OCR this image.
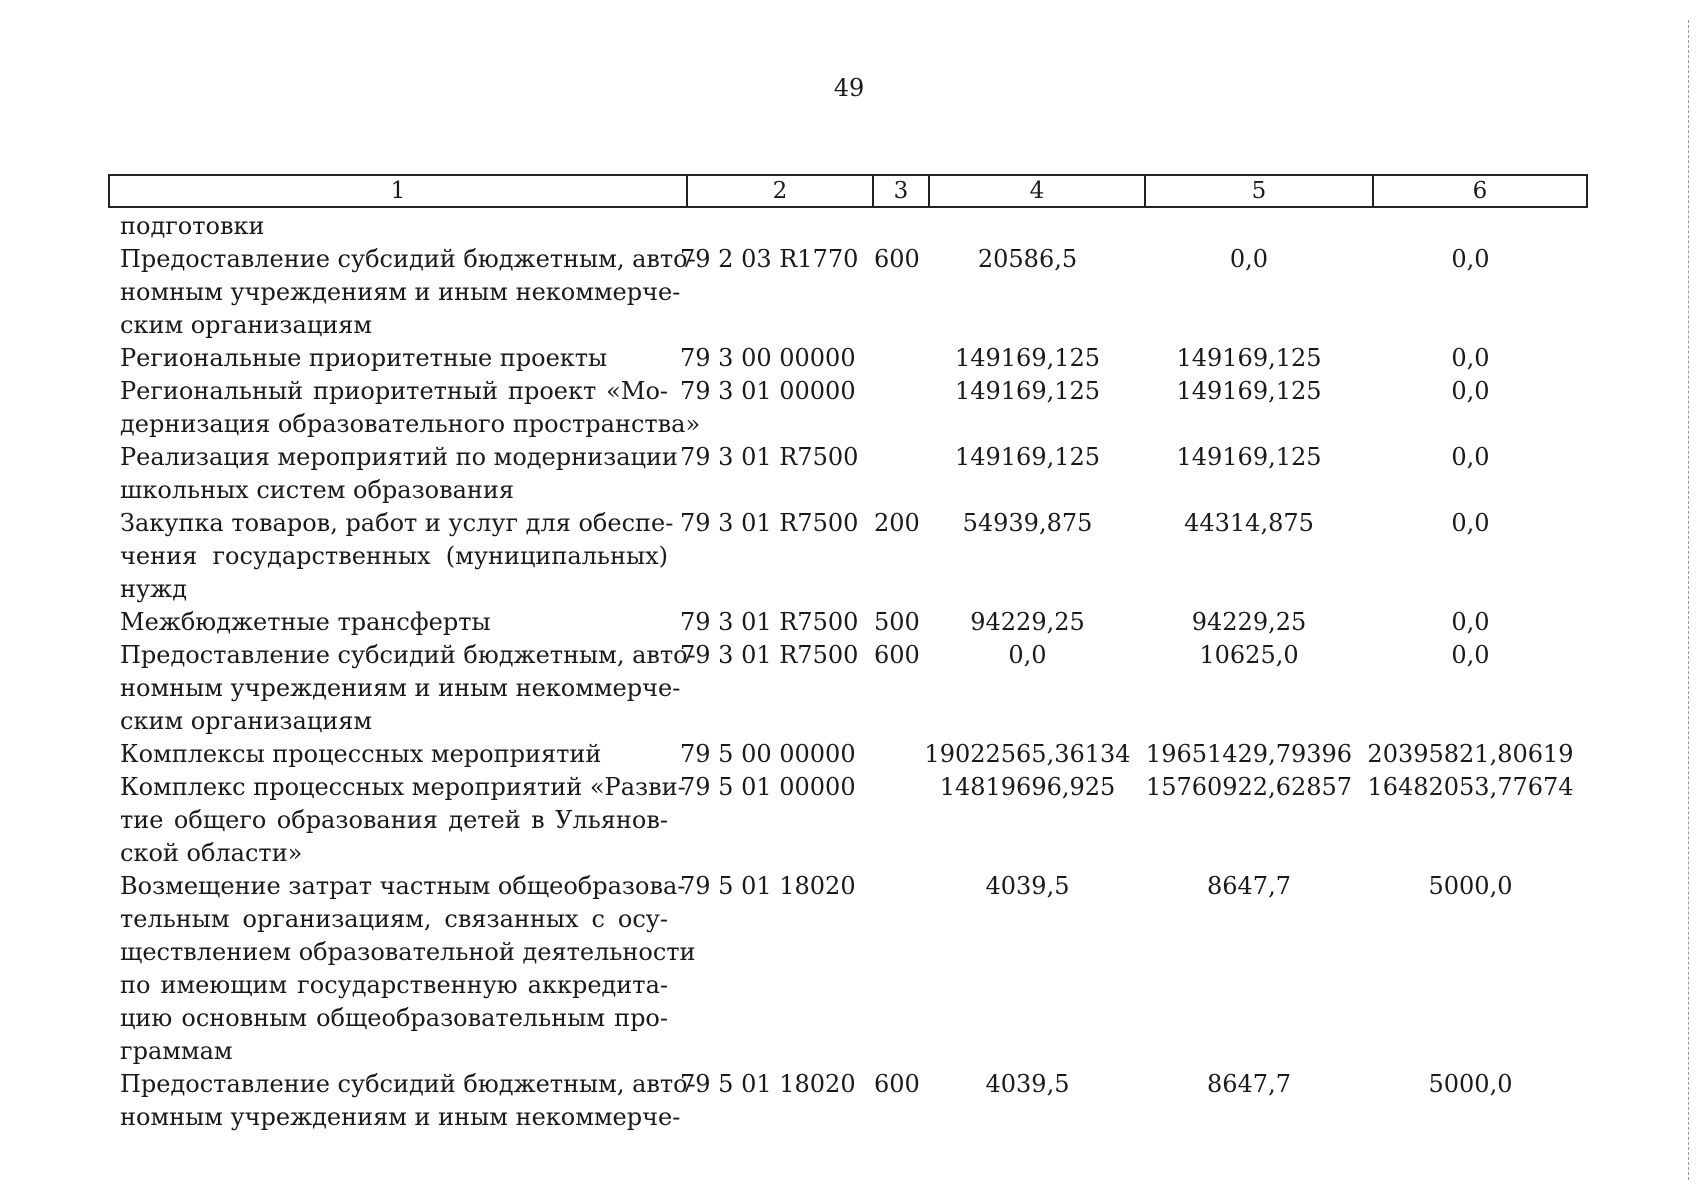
49
1	2	3	4	5	6
подготовки
Предоставление субсидий бюджетным, авто-
номным учреждениям и иным некоммерче-
ским организациям
79 2 03 R1770 600	20586,5	0,0	0,0
Региональные приоритетные проекты	79 3 00 00000	149169,125	149169,125	0,0
Региональный приоритетный проект «Мо-
дернизация образовательного пространства»
79 3 01 00000	149169,125	149169,125	0,0
Реализация мероприятий по модернизации
школьных систем образования
79 3 01 R7500	149169,125	149169,125	0,0
Закупка товаров, работ и услуг для обеспе-
чения государственных (муниципальных)
нужд
79 3 01 R7500 200	54939,875	44314,875	0,0
Межбюджетные трансферты	79 3 01 R7500 500	94229,25	94229,25	0,0
Предоставление субсидий бюджетным, авто-
номным учреждениям и иным некоммерче-
ским организациям
79 3 01 R7500 600	0,0	10625,0	0,0
Комплексы процессных мероприятий	79 5 00 00000	19022565,36134 19651429,79396 20395821,80619
Комплекс процессных мероприятий «Разви-
тие общего образования детей в Ульянов-
ской области»
79 5 01 00000	14819696,925	15760922,62857 16482053,77674
Возмещение затрат частным общеобразова-
тельным организациям, связанных с осу-
ществлением образовательной деятельности
по имеющим государственную аккредита-
цию основным общеобразовательным про-
граммам
79 5 01 18020	4039,5	8647,7	5000,0
Предоставление субсидий бюджетным, авто-
номным учреждениям и иным некоммерче-
79 5 01 18020 600	4039,5	8647,7	5000,0
